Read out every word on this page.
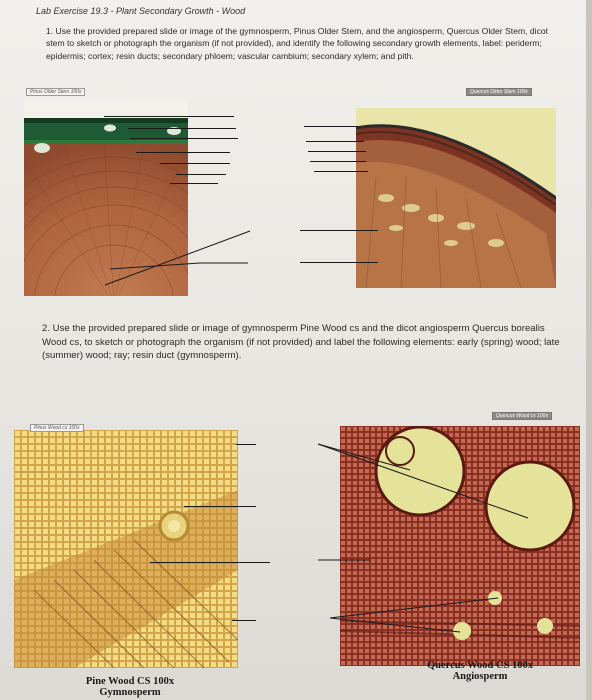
Lab Exercise 19.3 - Plant Secondary Growth - Wood
1. Use the provided prepared slide or image of the gymnosperm, Pinus Older Stem, and the angiosperm, Quercus Older Stem, dicot stem to sketch or photograph the organism (if not provided), and identify the following secondary growth elements, label: periderm; epidermis; cortex; resin ducts; secondary phloem; vascular cambium; secondary xylem; and pith.
Pinus Older Stem 100x	Quercus Older Stem 100x
2. Use the provided prepared slide or image of gymnosperm Pine Wood cs and the dicot angiosperm Quercus borealis Wood cs, to sketch or photograph the organism (if not provided) and label the following elements: early (spring) wood; late (summer) wood; ray; resin duct (gymnosperm).
Pinus Wood cs 100x
Quercus Wood cs 100x
Pine Wood CS 100x
Gymnosperm
Quercus Wood CS 100x
Angiosperm
